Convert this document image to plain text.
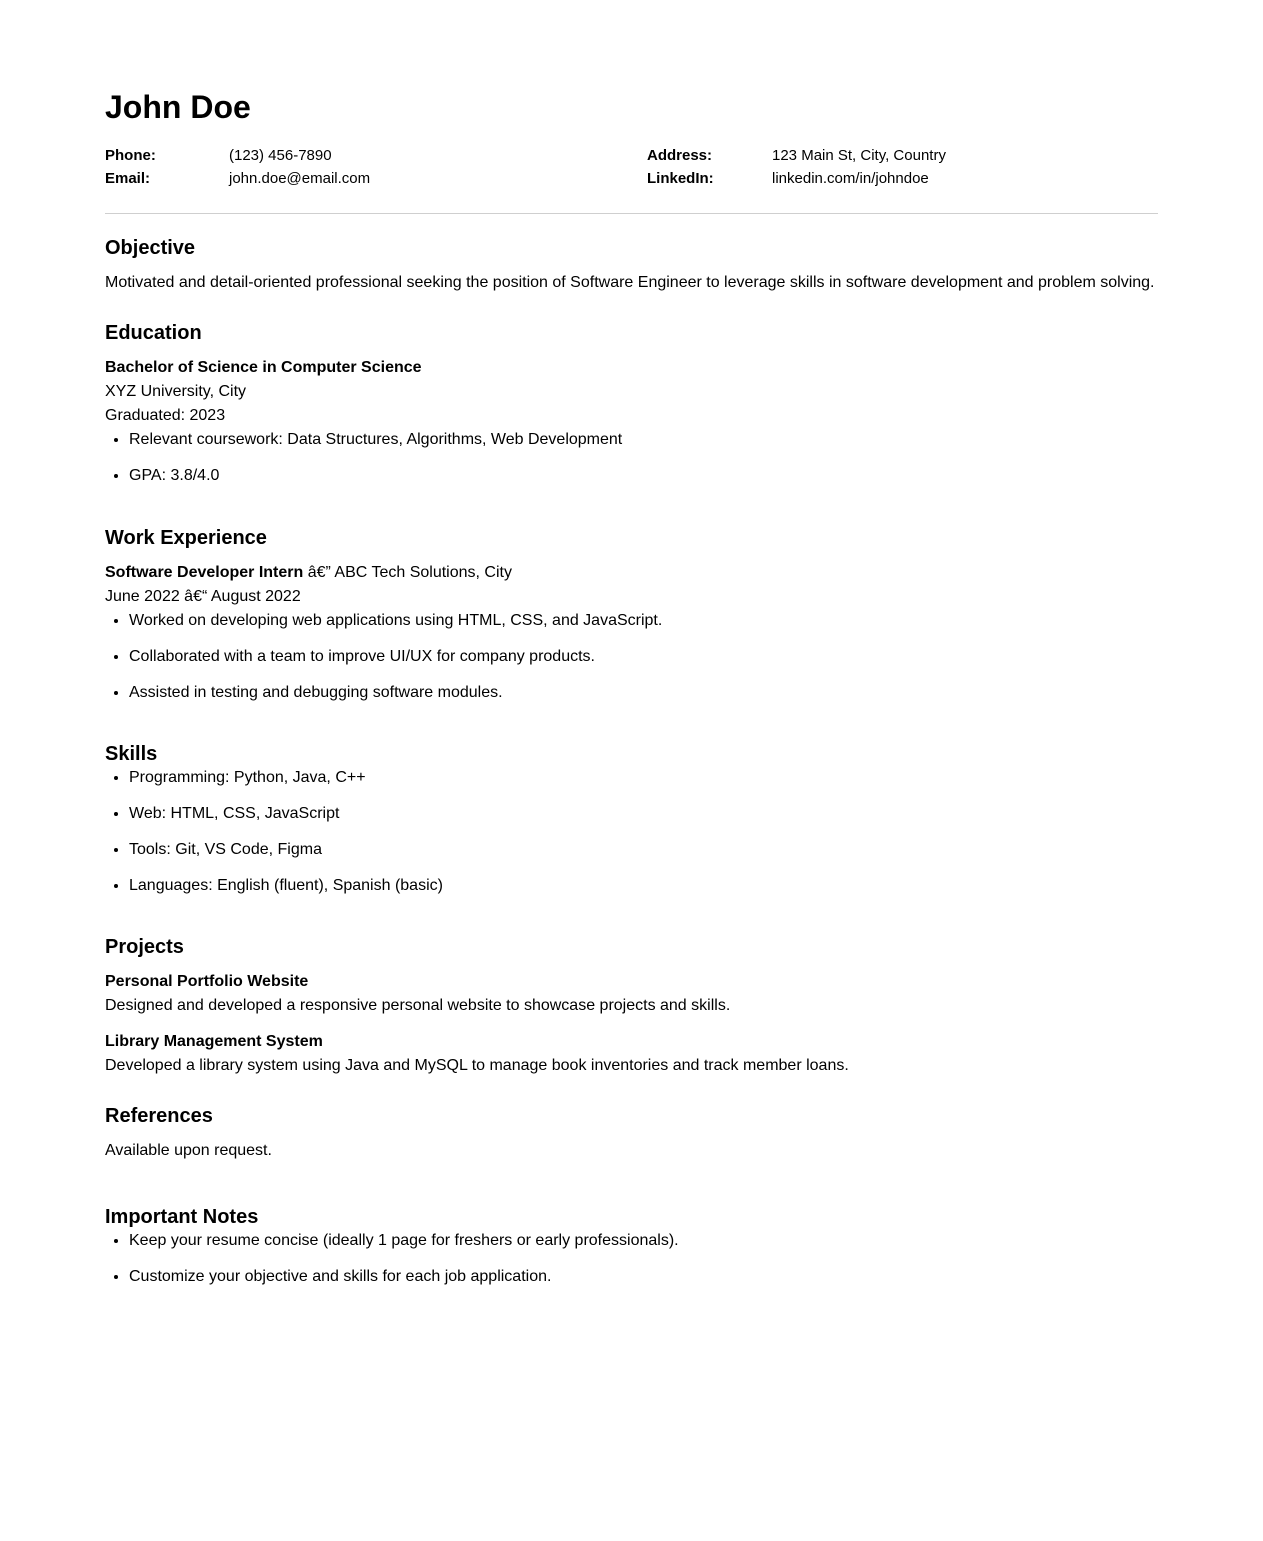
John Doe
Phone:	(123) 456-7890	Address:	123 Main St, City, Country
Email:	john.doe@email.com	LinkedIn:	linkedin.com/in/johndoe
Objective

Motivated and detail-oriented professional seeking the position of Software Engineer to leverage skills in software development and problem solving.

Education

Bachelor of Science in Computer Science

XYZ University, City

Graduated: 2023

• Relevant coursework: Data Structures, Algorithms, Web Development
• GPA: 3.8/4.0
Work Experience

Software Developer Intern â€” ABC Tech Solutions, City

June 2022 â€“ August 2022

• Worked on developing web applications using HTML, CSS, and JavaScript.
• Collaborated with a team to improve UI/UX for company products.
• Assisted in testing and debugging software modules.
Skills
• Programming: Python, Java, C++
• Web: HTML, CSS, JavaScript
• Tools: Git, VS Code, Figma
• Languages: English (fluent), Spanish (basic)
Projects

Personal Portfolio Website

Designed and developed a responsive personal website to showcase projects and skills.

Library Management System

Developed a library system using Java and MySQL to manage book inventories and track member loans.

References

Available upon request.

Important Notes
• Keep your resume concise (ideally 1 page for freshers or early professionals).
• Customize your objective and skills for each job application.
